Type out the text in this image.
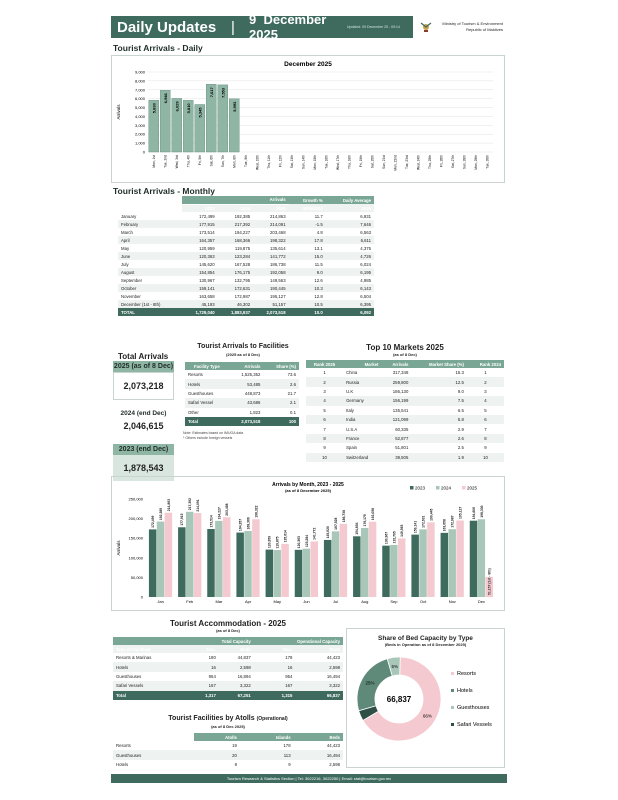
Daily Updates |	9 December 2025	Updated: 09 December 25 - 09:14
Ministry of Tourism & Environment
Republic of Maldives
Tourist Arrivals - Daily
December 2025
Arrivals
0
1,000
2,000
3,000
4,000
5,000
6,000
7,000
8,000
9,000
Mon, 1st
5,830
Tue, 2nd
6,946
Wed, 3rd
6,029
Thu, 4th
5,810
Fri, 5th
5,345
Sat, 6th
7,617
Sun, 7th
7,553
Mon, 8th
5,993
Tue, 9th Wed, 10th Thu, 11th Fri, 12th Sat, 13th Sun, 14th Mon, 15th Tue, 16th Wed, 17th Thu, 18th Fri, 19th Sat, 20th Sun, 21st Mon, 22nd Tue, 23rd Wed, 24th Thu, 25th Fri, 26th Sat, 27th Sun, 28th Mon, 29th Tue, 30th
Tourist Arrivals - Monthly
	Arrivals			Growth %	Daily Average
	2023	2024	2025	2025/2024	2025
January	172,499	192,385	214,863	11.7	6,931
February	177,915	217,392	214,091	-1.5	7,646
March	173,514	194,227	203,468	4.8	6,563
April	164,357	168,366	198,322	17.8	6,611
May	120,959	119,875	135,614	13.1	4,375
June	120,363	123,284	141,772	15.0	4,726
July	145,620	167,528	186,738	11.5	6,024
August	154,854	176,175	192,058	9.0	6,195
September	130,967	132,795	149,563	12.6	4,985
October	159,141	172,631	190,445	10.3	6,143
November	163,658	172,987	195,127	12.8	6,504
December (1st - 8th)	45,193	46,302	51,157	10.5	6,395
TOTAL	1,729,040	1,883,937	2,073,518	10.0	6,092
Total Arrivals
2025 (as of 8 Dec)
2,073,218
2024 (end Dec)
2,046,615
2023 (end Dec)
1,878,543
Tourist Arrivals to Facilities
(2025 as of 8 Dec)
Facility Type	Arrivals	Share (%)
Resorts	1,525,352	73.6
Hotels	53,485	2.6
Guesthouses	448,873	21.7
Safari Vessel	43,686	2.1
Other	1,823	0.1
Total	2,073,518	100
Note: Estimates based on IMUGA data
* Others include foreign vessels
Top 10 Markets 2025
(as of 8 Dec)
Rank 2025	Market	Arrivals	Market Share (%)	Rank 2024
1	China	317,348	15.3	1
2	Russia	259,800	12.5	2
3	U.K	186,130	9.0	3
4	Germany	156,199	7.5	4
5	Italy	135,541	6.5	5
6	India	121,099	5.8	6
7	U.S.A	60,335	2.9	7
8	France	52,877	2.6	8
9	Spain	51,801	2.5	9
10	Switzerland	39,505	1.9	10
Arrivals by Month, 2023 - 2025
(as of 8 December 2025)	2023	2024	2025
Arrivals
0
50,000
100,000
150,000
200,000
250,000
Jan
172,499
192,385
214,863
Feb
177,915
217,392 214,091
Mar
173,514
194,227 203,468
Apr
164,357 168,366
198,322
May
120,959 119,875
135,614
Jun
120,363 123,284
141,772
Jul
145,620
167,528
186,738
Aug
154,854
176,175
192,058
Sep
130,967 132,795
149,563
Oct
159,141 172,631
190,445
Nov
163,658 172,987
195,127
Dec
194,606 198,330
51,157 (1st - 8th)
Tourist Accommodation - 2025
(as of 8 Dec)
	Total Capacity		Operational Capacity	
Type of Facilities	Nos.	Beds	Nos.	Beds
Resorts & Marinas	180	44,837	178	44,423
Hotels	16	2,598	16	2,598
Guesthouses	954	16,894	954	16,494
Safari Vessels	167	3,322	167	3,322
Total	1,317	67,251	1,315	66,837
Tourist Facilities by Atolls (Operational)
(as of 8 Dec 2025)
	Atolls	Islands	Beds
Resorts	19	178	44,423
Guesthouses	20	113	16,494
Hotels	8	9	2,598
Share of Bed Capacity by Type
(Beds in Operation as of 8 December 2025)
66%
25%
5%
66,837
Resorts
Hotels
Guesthouses
Safari Vessels
Tourism Research & Statistics Section | Tel: 3022216, 3022250 | Email: stat@tourism.gov.mv
